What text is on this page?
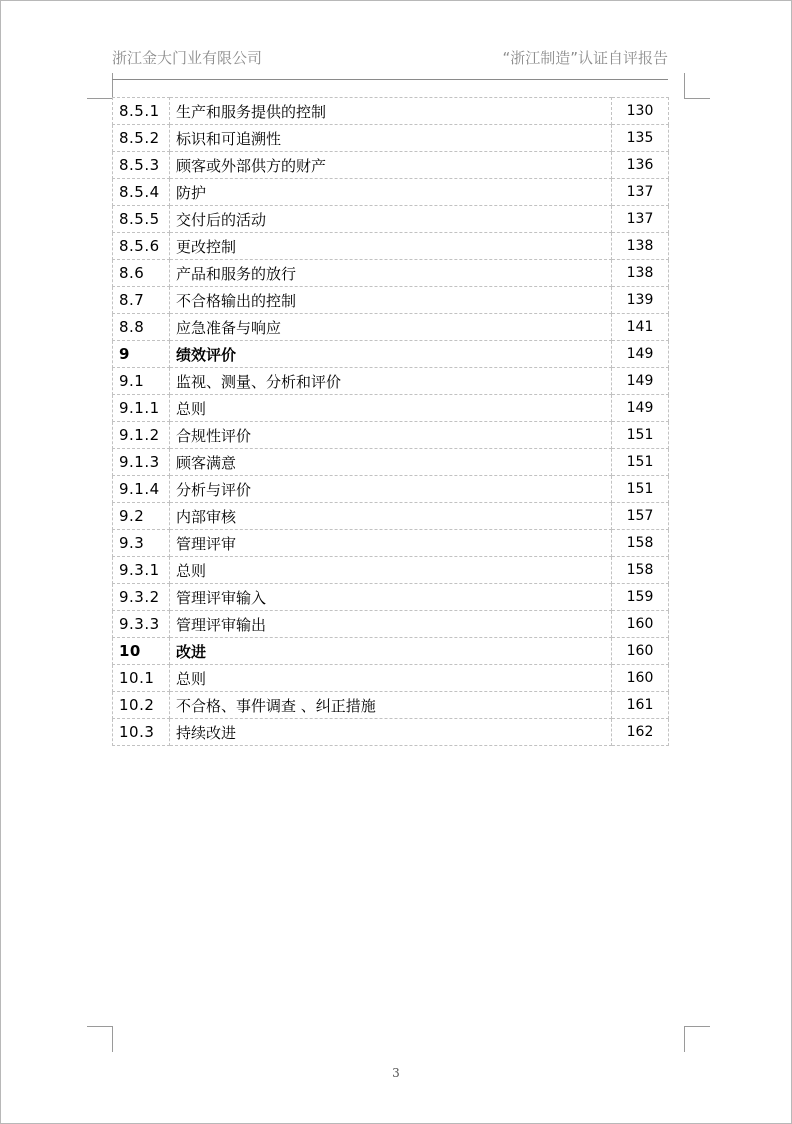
浙江金大门业有限公司	“浙江制造”认证自评报告
8.5.1	生产和服务提供的控制	130
8.5.2	标识和可追溯性	135
8.5.3	顾客或外部供方的财产	136
8.5.4	防护	137
8.5.5	交付后的活动	137
8.5.6	更改控制	138
8.6	产品和服务的放行	138
8.7	不合格输出的控制	139
8.8	应急准备与响应	141
9	绩效评价	149
9.1	监视、测量、分析和评价	149
9.1.1	总则	149
9.1.2	合规性评价	151
9.1.3	顾客满意	151
9.1.4	分析与评价	151
9.2	内部审核	157
9.3	管理评审	158
9.3.1	总则	158
9.3.2	管理评审输入	159
9.3.3	管理评审输出	160
10	改进	160
10.1	总则	160
10.2	不合格、事件调查 、纠正措施	161
10.3	持续改进	162
3
